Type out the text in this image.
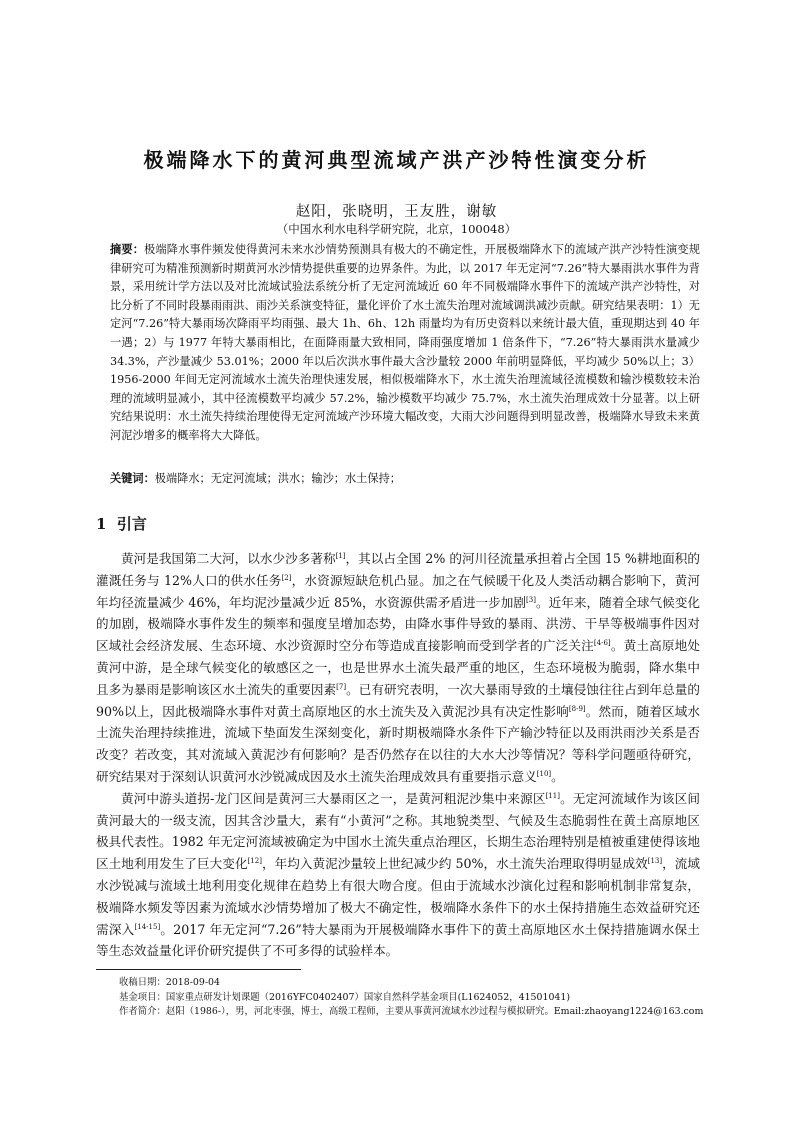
极端降水下的黄河典型流域产洪产沙特性演变分析
赵阳，张晓明，王友胜，谢敏
（中国水利水电科学研究院，北京，100048）
摘要：极端降水事件频发使得黄河未来水沙情势预测具有极大的不确定性，开展极端降水下的流域产洪产沙特性演变规律研究可为精准预测新时期黄河水沙情势提供重要的边界条件。为此，以 2017 年无定河“7.26”特大暴雨洪水事件为背景，采用统计学方法以及对比流域试验法系统分析了无定河流域近 60 年不同极端降水事件下的流域产洪产沙特性，对比分析了不同时段暴雨雨洪、雨沙关系演变特征，量化评价了水土流失治理对流域调洪减沙贡献。研究结果表明：1）无定河“7.26”特大暴雨场次降雨平均雨强、最大 1h、6h、12h 雨量均为有历史资料以来统计最大值，重现期达到 40 年一遇；2）与 1977 年特大暴雨相比，在面降雨量大致相同，降雨强度增加 1 倍条件下，“7.26”特大暴雨洪水量减少 34.3%，产沙量减少 53.01%；2000 年以后次洪水事件最大含沙量较 2000 年前明显降低，平均减少 50%以上；3）1956-2000 年间无定河流域水土流失治理快速发展，相似极端降水下，水土流失治理流域径流模数和输沙模数较未治理的流域明显减小，其中径流模数平均减少 57.2%，输沙模数平均减少 75.7%，水土流失治理成效十分显著。以上研究结果说明：水土流失持续治理使得无定河流域产沙环境大幅改变，大雨大沙问题得到明显改善，极端降水导致未来黄河泥沙增多的概率将大大降低。
关键词：极端降水；无定河流域；洪水；输沙；水土保持；
1 引言

黄河是我国第二大河，以水少沙多著称[1]，其以占全国 2% 的河川径流量承担着占全国 15 %耕地面积的灌溉任务与 12%人口的供水任务[2]，水资源短缺危机凸显。加之在气候暖干化及人类活动耦合影响下，黄河年均径流量减少 46%，年均泥沙量减少近 85%，水资源供需矛盾进一步加剧[3]。近年来，随着全球气候变化的加剧，极端降水事件发生的频率和强度呈增加态势，由降水事件导致的暴雨、洪涝、干旱等极端事件因对区域社会经济发展、生态环境、水沙资源时空分布等造成直接影响而受到学者的广泛关注[4-6]。黄土高原地处黄河中游，是全球气候变化的敏感区之一，也是世界水土流失最严重的地区，生态环境极为脆弱，降水集中且多为暴雨是影响该区水土流失的重要因素[7]。已有研究表明，一次大暴雨导致的土壤侵蚀往往占到年总量的 90%以上，因此极端降水事件对黄土高原地区的水土流失及入黄泥沙具有决定性影响[8-9]。然而，随着区域水土流失治理持续推进，流域下垫面发生深刻变化，新时期极端降水条件下产输沙特征以及雨洪雨沙关系是否改变？若改变，其对流域入黄泥沙有何影响？是否仍然存在以往的大水大沙等情况？等科学问题亟待研究，研究结果对于深刻认识黄河水沙锐减成因及水土流失治理成效具有重要指示意义[10]。

黄河中游头道拐-龙门区间是黄河三大暴雨区之一，是黄河粗泥沙集中来源区[11]。无定河流域作为该区间黄河最大的一级支流，因其含沙量大，素有“小黄河”之称。其地貌类型、气候及生态脆弱性在黄土高原地区极具代表性。1982 年无定河流域被确定为中国水土流失重点治理区，长期生态治理特别是植被重建使得该地区土地利用发生了巨大变化[12]，年均入黄泥沙量较上世纪减少约 50%，水土流失治理取得明显成效[13]，流域水沙锐减与流域土地利用变化规律在趋势上有很大吻合度。但由于流域水沙演化过程和影响机制非常复杂，极端降水频发等因素为流域水沙情势增加了极大不确定性，极端降水条件下的水土保持措施生态效益研究还需深入[14-15]。2017 年无定河“7.26”特大暴雨为开展极端降水事件下的黄土高原地区水土保持措施调水保土等生态效益量化评价研究提供了不可多得的试验样本。

收稿日期：2018-09-04
基金项目：国家重点研发计划课题（2016YFC0402407）国家自然科学基金项目(L1624052，41501041)
作者简介：赵阳（1986-），男，河北枣强，博士，高级工程师，主要从事黄河流域水沙过程与模拟研究。Email:zhaoyang1224@163.com
